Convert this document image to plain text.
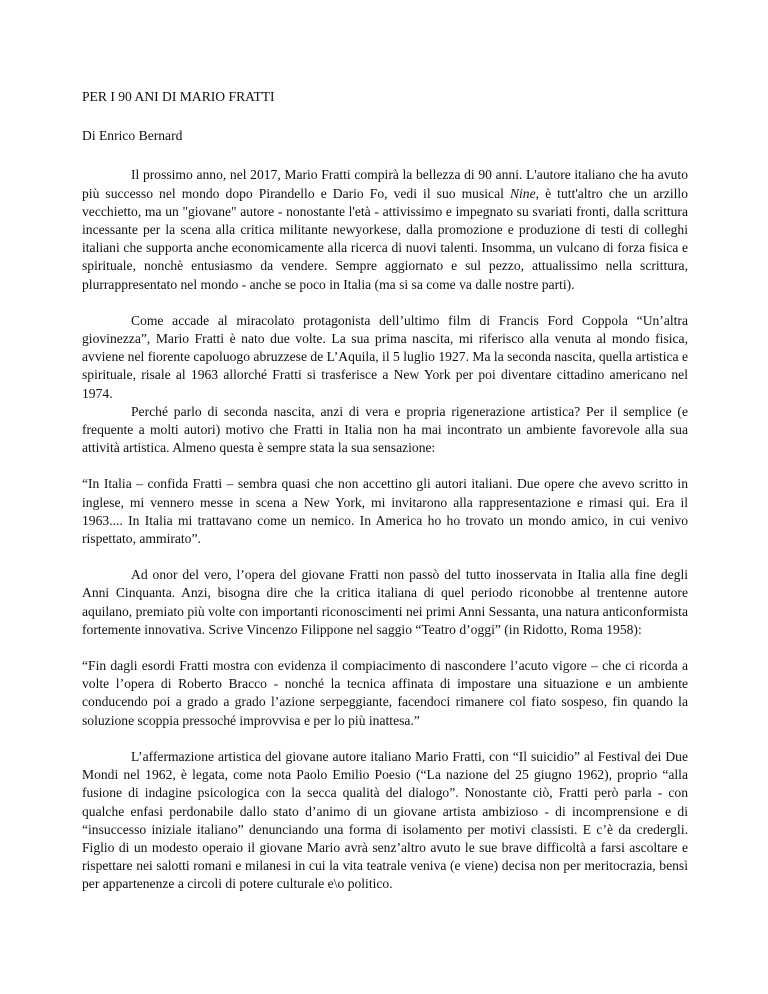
PER I 90 ANI DI MARIO FRATTI
Di Enrico Bernard

Il prossimo anno, nel 2017, Mario Fratti compirà la bellezza di 90 anni. L'autore italiano che ha avuto più successo nel mondo dopo Pirandello e Dario Fo, vedi il suo musical Nine, è tutt'altro che un arzillo vecchietto, ma un "giovane" autore - nonostante l'età - attivissimo e impegnato su svariati fronti, dalla scrittura incessante per la scena alla critica militante newyorkese, dalla promozione e produzione di testi di colleghi italiani che supporta anche economicamente alla ricerca di nuovi talenti. Insomma, un vulcano di forza fisica e spirituale, nonchè entusiasmo da vendere. Sempre aggiornato e sul pezzo, attualissimo nella scrittura, plurrappresentato nel mondo - anche se poco in Italia (ma si sa come va dalle nostre parti).

Come accade al miracolato protagonista dell’ultimo film di Francis Ford Coppola “Un’altra giovinezza”, Mario Fratti è nato due volte. La sua prima nascita, mi riferisco alla venuta al mondo fisica, avviene nel fiorente capoluogo abruzzese de L’Aquila, il 5 luglio 1927. Ma la seconda nascita, quella artistica e spirituale, risale al 1963 allorché Fratti si trasferisce a New York per poi diventare cittadino americano nel 1974.

Perché parlo di seconda nascita, anzi di vera e propria rigenerazione artistica? Per il semplice (e frequente a molti autori) motivo che Fratti in Italia non ha mai incontrato un ambiente favorevole alla sua attività artistica. Almeno questa è sempre stata la sua sensazione:

“In Italia – confida Fratti – sembra quasi che non accettino gli autori italiani. Due opere che avevo scritto in inglese, mi vennero messe in scena a New York, mi invitarono alla rappresentazione e rimasi qui. Era il 1963.... In Italia mi trattavano come un nemico. In America ho ho trovato un mondo amico, in cui venivo rispettato, ammirato”.

Ad onor del vero, l’opera del giovane Fratti non passò del tutto inosservata in Italia alla fine degli Anni Cinquanta. Anzi, bisogna dire che la critica italiana di quel periodo riconobbe al trentenne autore aquilano, premiato più volte con importanti riconoscimenti nei primi Anni Sessanta, una natura anticonformista fortemente innovativa. Scrive Vincenzo Filippone nel saggio “Teatro d’oggi” (in Ridotto, Roma 1958):

“Fin dagli esordi Fratti mostra con evidenza il compiacimento di nascondere l’acuto vigore – che ci ricorda a volte l’opera di Roberto Bracco - nonché la tecnica affinata di impostare una situazione e un ambiente conducendo poi a grado a grado l’azione serpeggiante, facendoci rimanere col fiato sospeso, fin quando la soluzione scoppia pressoché improvvisa e per lo più inattesa.”

L’affermazione artistica del giovane autore italiano Mario Fratti, con “Il suicidio” al Festival dei Due Mondi nel 1962, è legata, come nota Paolo Emilio Poesio (“La nazione del 25 giugno 1962), proprio “alla fusione di indagine psicologica con la secca qualità del dialogo”. Nonostante ciò, Fratti però parla - con qualche enfasi perdonabile dallo stato d’animo di un giovane artista ambizioso - di incomprensione e di “insuccesso iniziale italiano” denunciando una forma di isolamento per motivi classisti. E c’è da credergli. Figlio di un modesto operaio il giovane Mario avrà senz’altro avuto le sue brave difficoltà a farsi ascoltare e rispettare nei salotti romani e milanesi in cui la vita teatrale veniva (e viene) decisa non per meritocrazia, bensì per appartenenze a circoli di potere culturale e\o politico.
